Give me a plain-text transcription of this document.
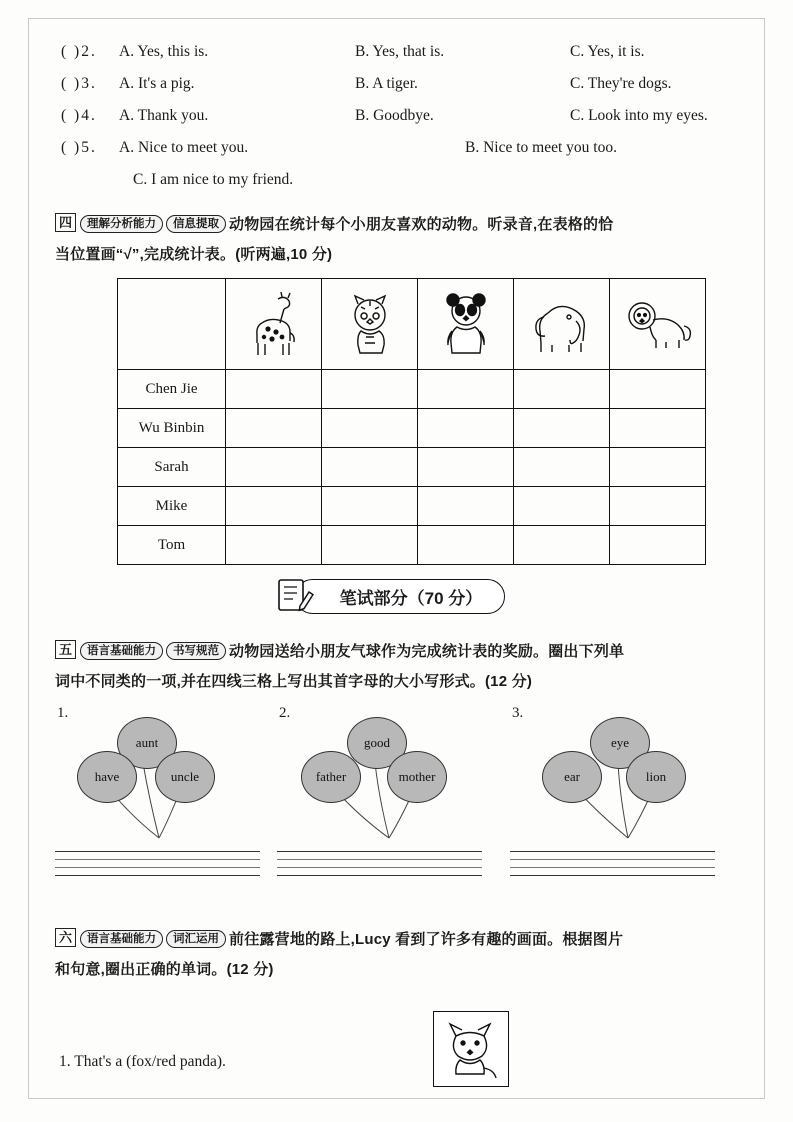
( )2.	A. Yes, this is.	B. Yes, that is.	C. Yes, it is.
( )3.	A. It's a pig.	B. A tiger.	C. They're dogs.
( )4.	A. Thank you.	B. Goodbye.	C. Look into my eyes.
( )5.	A. Nice to meet you.	B. Nice to meet you too.
C. I am nice to my friend.
四 理解分析能力 信息提取 动物园在统计每个小朋友喜欢的动物。听录音,在表格的恰
当位置画“√”,完成统计表。(听两遍,10 分)

Chen Jie					
Wu Binbin					
Sarah					
Mike					
Tom					
笔试部分（70 分）
五 语言基础能力 书写规范 动物园送给小朋友气球作为完成统计表的奖励。圈出下列单
词中不同类的一项,并在四线三格上写出其首字母的大小写形式。(12 分)
1.
aunt
have	uncle
2.
good
father	mother
3.
eye
ear	lion
六 语言基础能力 词汇运用 前往露营地的路上,Lucy 看到了许多有趣的画面。根据图片
和句意,圈出正确的单词。(12 分)
1. That's a (fox/red panda).
